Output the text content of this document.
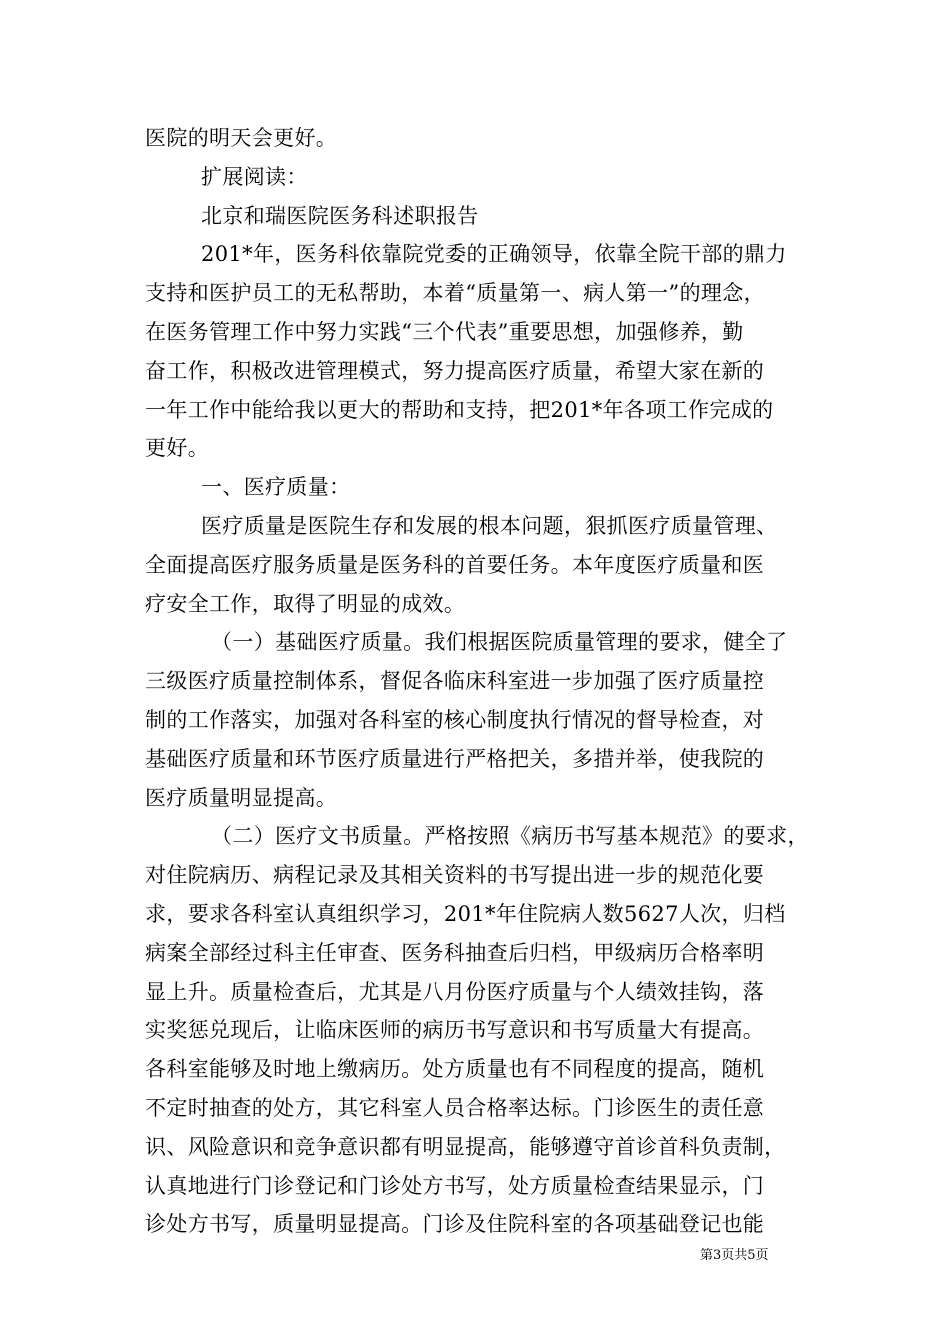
医院的明天会更好。
扩展阅读：
北京和瑞医院医务科述职报告
201*年，医务科依靠院党委的正确领导，依靠全院干部的鼎力
支持和医护员工的无私帮助，本着“质量第一、病人第一”的理念，
在医务管理工作中努力实践“三个代表”重要思想，加强修养，勤
奋工作，积极改进管理模式，努力提高医疗质量，希望大家在新的
一年工作中能给我以更大的帮助和支持，把201*年各项工作完成的
更好。
一、医疗质量：
医疗质量是医院生存和发展的根本问题，狠抓医疗质量管理、
全面提高医疗服务质量是医务科的首要任务。本年度医疗质量和医
疗安全工作，取得了明显的成效。
（一）基础医疗质量。我们根据医院质量管理的要求，健全了
三级医疗质量控制体系，督促各临床科室进一步加强了医疗质量控
制的工作落实，加强对各科室的核心制度执行情况的督导检查，对
基础医疗质量和环节医疗质量进行严格把关，多措并举，使我院的
医疗质量明显提高。
（二）医疗文书质量。严格按照《病历书写基本规范》的要求，
对住院病历、病程记录及其相关资料的书写提出进一步的规范化要
求，要求各科室认真组织学习，201*年住院病人数5627人次，归档
病案全部经过科主任审查、医务科抽查后归档，甲级病历合格率明
显上升。质量检查后，尤其是八月份医疗质量与个人绩效挂钩，落
实奖惩兑现后，让临床医师的病历书写意识和书写质量大有提高。
各科室能够及时地上缴病历。处方质量也有不同程度的提高，随机
不定时抽查的处方，其它科室人员合格率达标。门诊医生的责任意
识、风险意识和竞争意识都有明显提高，能够遵守首诊首科负责制，
认真地进行门诊登记和门诊处方书写，处方质量检查结果显示，门
诊处方书写，质量明显提高。门诊及住院科室的各项基础登记也能
第3页共5页
